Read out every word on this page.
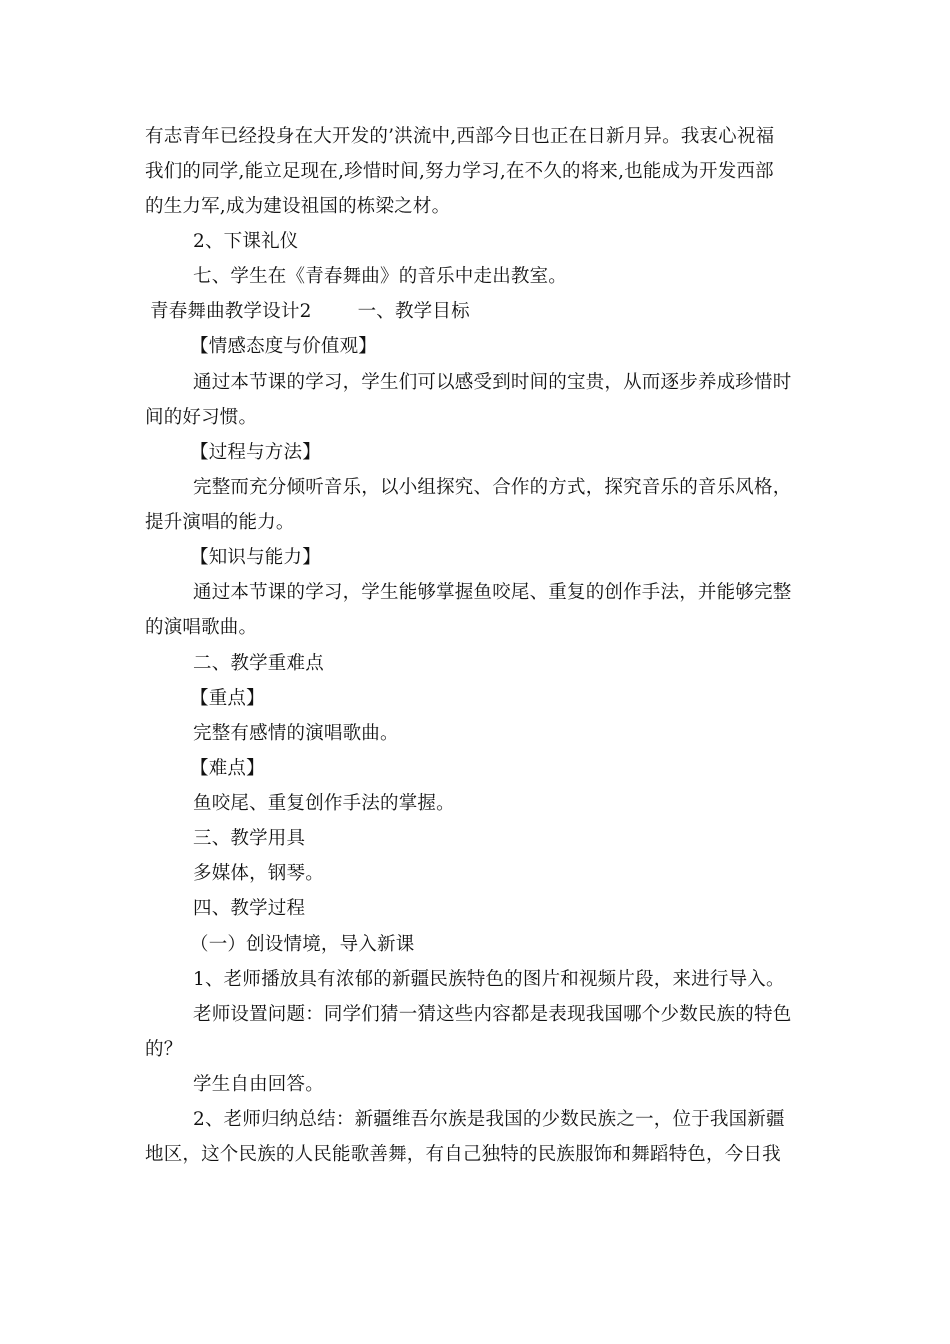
有志青年已经投身在大开发的’洪流中,西部今日也正在日新月异。我衷心祝福
我们的同学,能立足现在,珍惜时间,努力学习,在不久的将来,也能成为开发西部
的生力军,成为建设祖国的栋梁之材。
2、下课礼仪
七、学生在《青春舞曲》的音乐中走出教室。
青春舞曲教学设计2 一、教学目标
【情感态度与价值观】
通过本节课的学习，学生们可以感受到时间的宝贵，从而逐步养成珍惜时
间的好习惯。
【过程与方法】
完整而充分倾听音乐，以小组探究、合作的方式，探究音乐的音乐风格，
提升演唱的能力。
【知识与能力】
通过本节课的学习，学生能够掌握鱼咬尾、重复的创作手法，并能够完整
的演唱歌曲。
二、教学重难点
【重点】
完整有感情的演唱歌曲。
【难点】
鱼咬尾、重复创作手法的掌握。
三、教学用具
多媒体，钢琴。
四、教学过程
（一）创设情境，导入新课
1、老师播放具有浓郁的新疆民族特色的图片和视频片段，来进行导入。
老师设置问题：同学们猜一猜这些内容都是表现我国哪个少数民族的特色
的？
学生自由回答。
2、老师归纳总结：新疆维吾尔族是我国的少数民族之一，位于我国新疆
地区，这个民族的人民能歌善舞，有自己独特的民族服饰和舞蹈特色，今日我
